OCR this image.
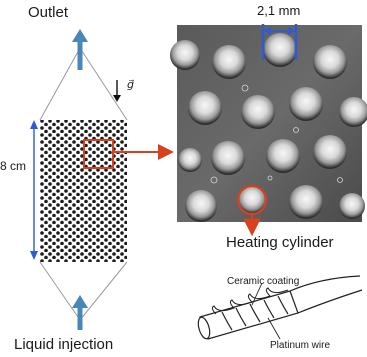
Outlet
Liquid injection
8 cm
2,1 mm
g⃗
Heating cylinder
Ceramic coating
Platinum wire
